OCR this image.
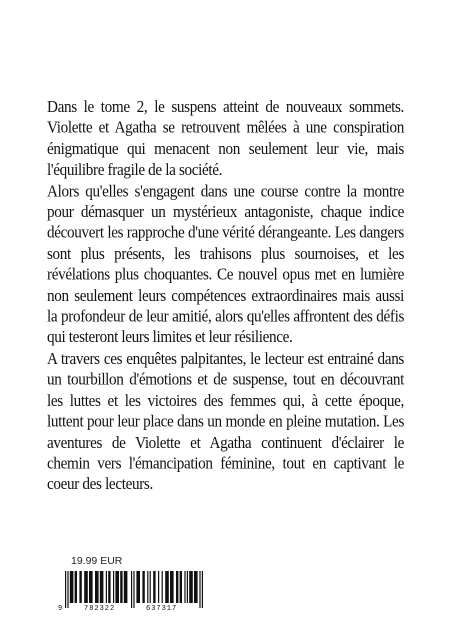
Dans le tome 2, le suspens atteint de nouveaux sommets. Violette et Agatha se retrouvent mêlées à une conspiration énigmatique qui menacent non seulement leur vie, mais l'équilibre fragile de la société.

Alors qu'elles s'engagent dans une course contre la montre pour démasquer un mystérieux antagoniste, chaque indice découvert les rapproche d'une vérité dérangeante. Les dangers sont plus présents, les trahisons plus sournoises, et les révélations plus choquantes. Ce nouvel opus met en lumière non seulement leurs compétences extraordinaires mais aussi la profondeur de leur amitié, alors qu'elles affrontent des défis qui testeront leurs limites et leur résilience.

A travers ces enquêtes palpitantes, le lecteur est entrainé dans un tourbillon d'émotions et de suspense, tout en découvrant les luttes et les victoires des femmes qui, à cette époque, luttent pour leur place dans un monde en pleine mutation. Les aventures de Violette et Agatha continuent d'éclairer le chemin vers l'émancipation féminine, tout en captivant le coeur des lecteurs.

19.99 EUR
9	782322	637317
